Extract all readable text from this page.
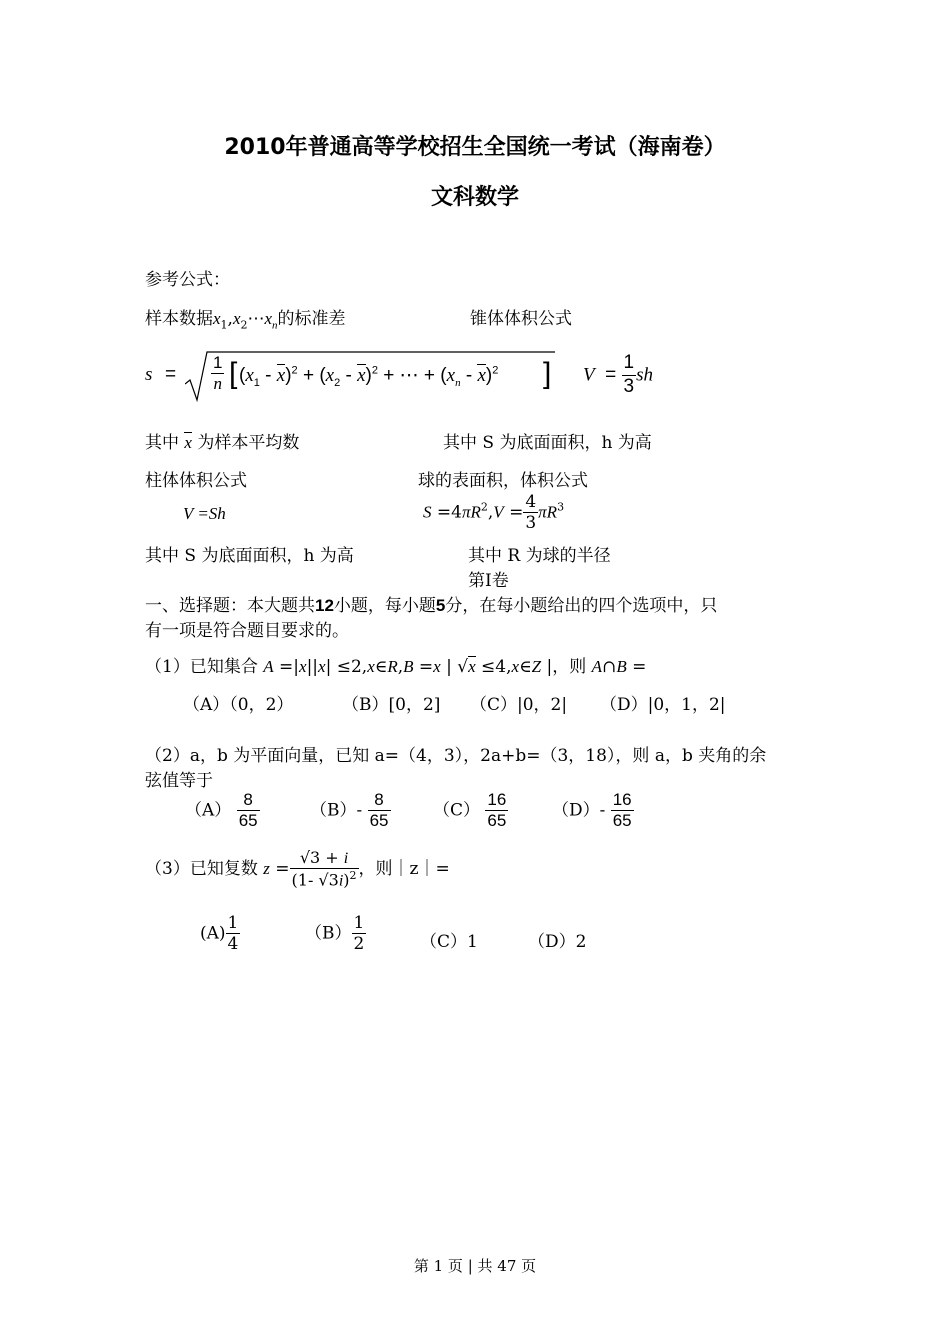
2010年普通高等学校招生全国统一考试（海南卷）
文科数学
参考公式：
样本数据$x_1,x_2\cdots x_n$的标准差	锥体体积公式
$s = \frac{1}{n}$ [ $(x_1 - x)^2 + (x_2 - x)^2$ + ⋯ + $(x_n - x)^2$ ] $V = \frac{1}{3}$ sh
其中 x 为样本平均数	其中 S 为底面面积，h 为高
柱体体积公式	球的表面积，体积公式
V =Sh	$S =4\pi R^2,V = \frac{4}{3} \pi R^3$
其中 S 为底面面积，h 为高	其中 R 为球的半径
第Ⅰ卷
一、选择题：本大题共12小题，每小题5分，在每小题给出的四个选项中，只
有一项是符合题目要求的。
（1）已知集合 A =|x||x| ≤2,x∈R,B =x | √x ≤4,x∈Z |，则 A∩B =
（A）（0，2）	（B）[0，2] （C）|0，2| （D）|0，1，2|
（2）a，b 为平面向量，已知 a=（4，3），2a+b=（3，18），则 a，b 夹角的余
弦值等于
$(A) \frac{8}{65}$	$(B)- \frac{8}{65}$	$(C) \frac{16}{65}$	$(D)- \frac{16}{65}$
（3）已知复数 $z = \frac{√3 + i}{(1- √3i)^2}$ ，则｜z｜=
$(A) \frac{1}{4}$	$(B) \frac{1}{2}$	（C）1	（D）2
第 1 页 | 共 47 页
